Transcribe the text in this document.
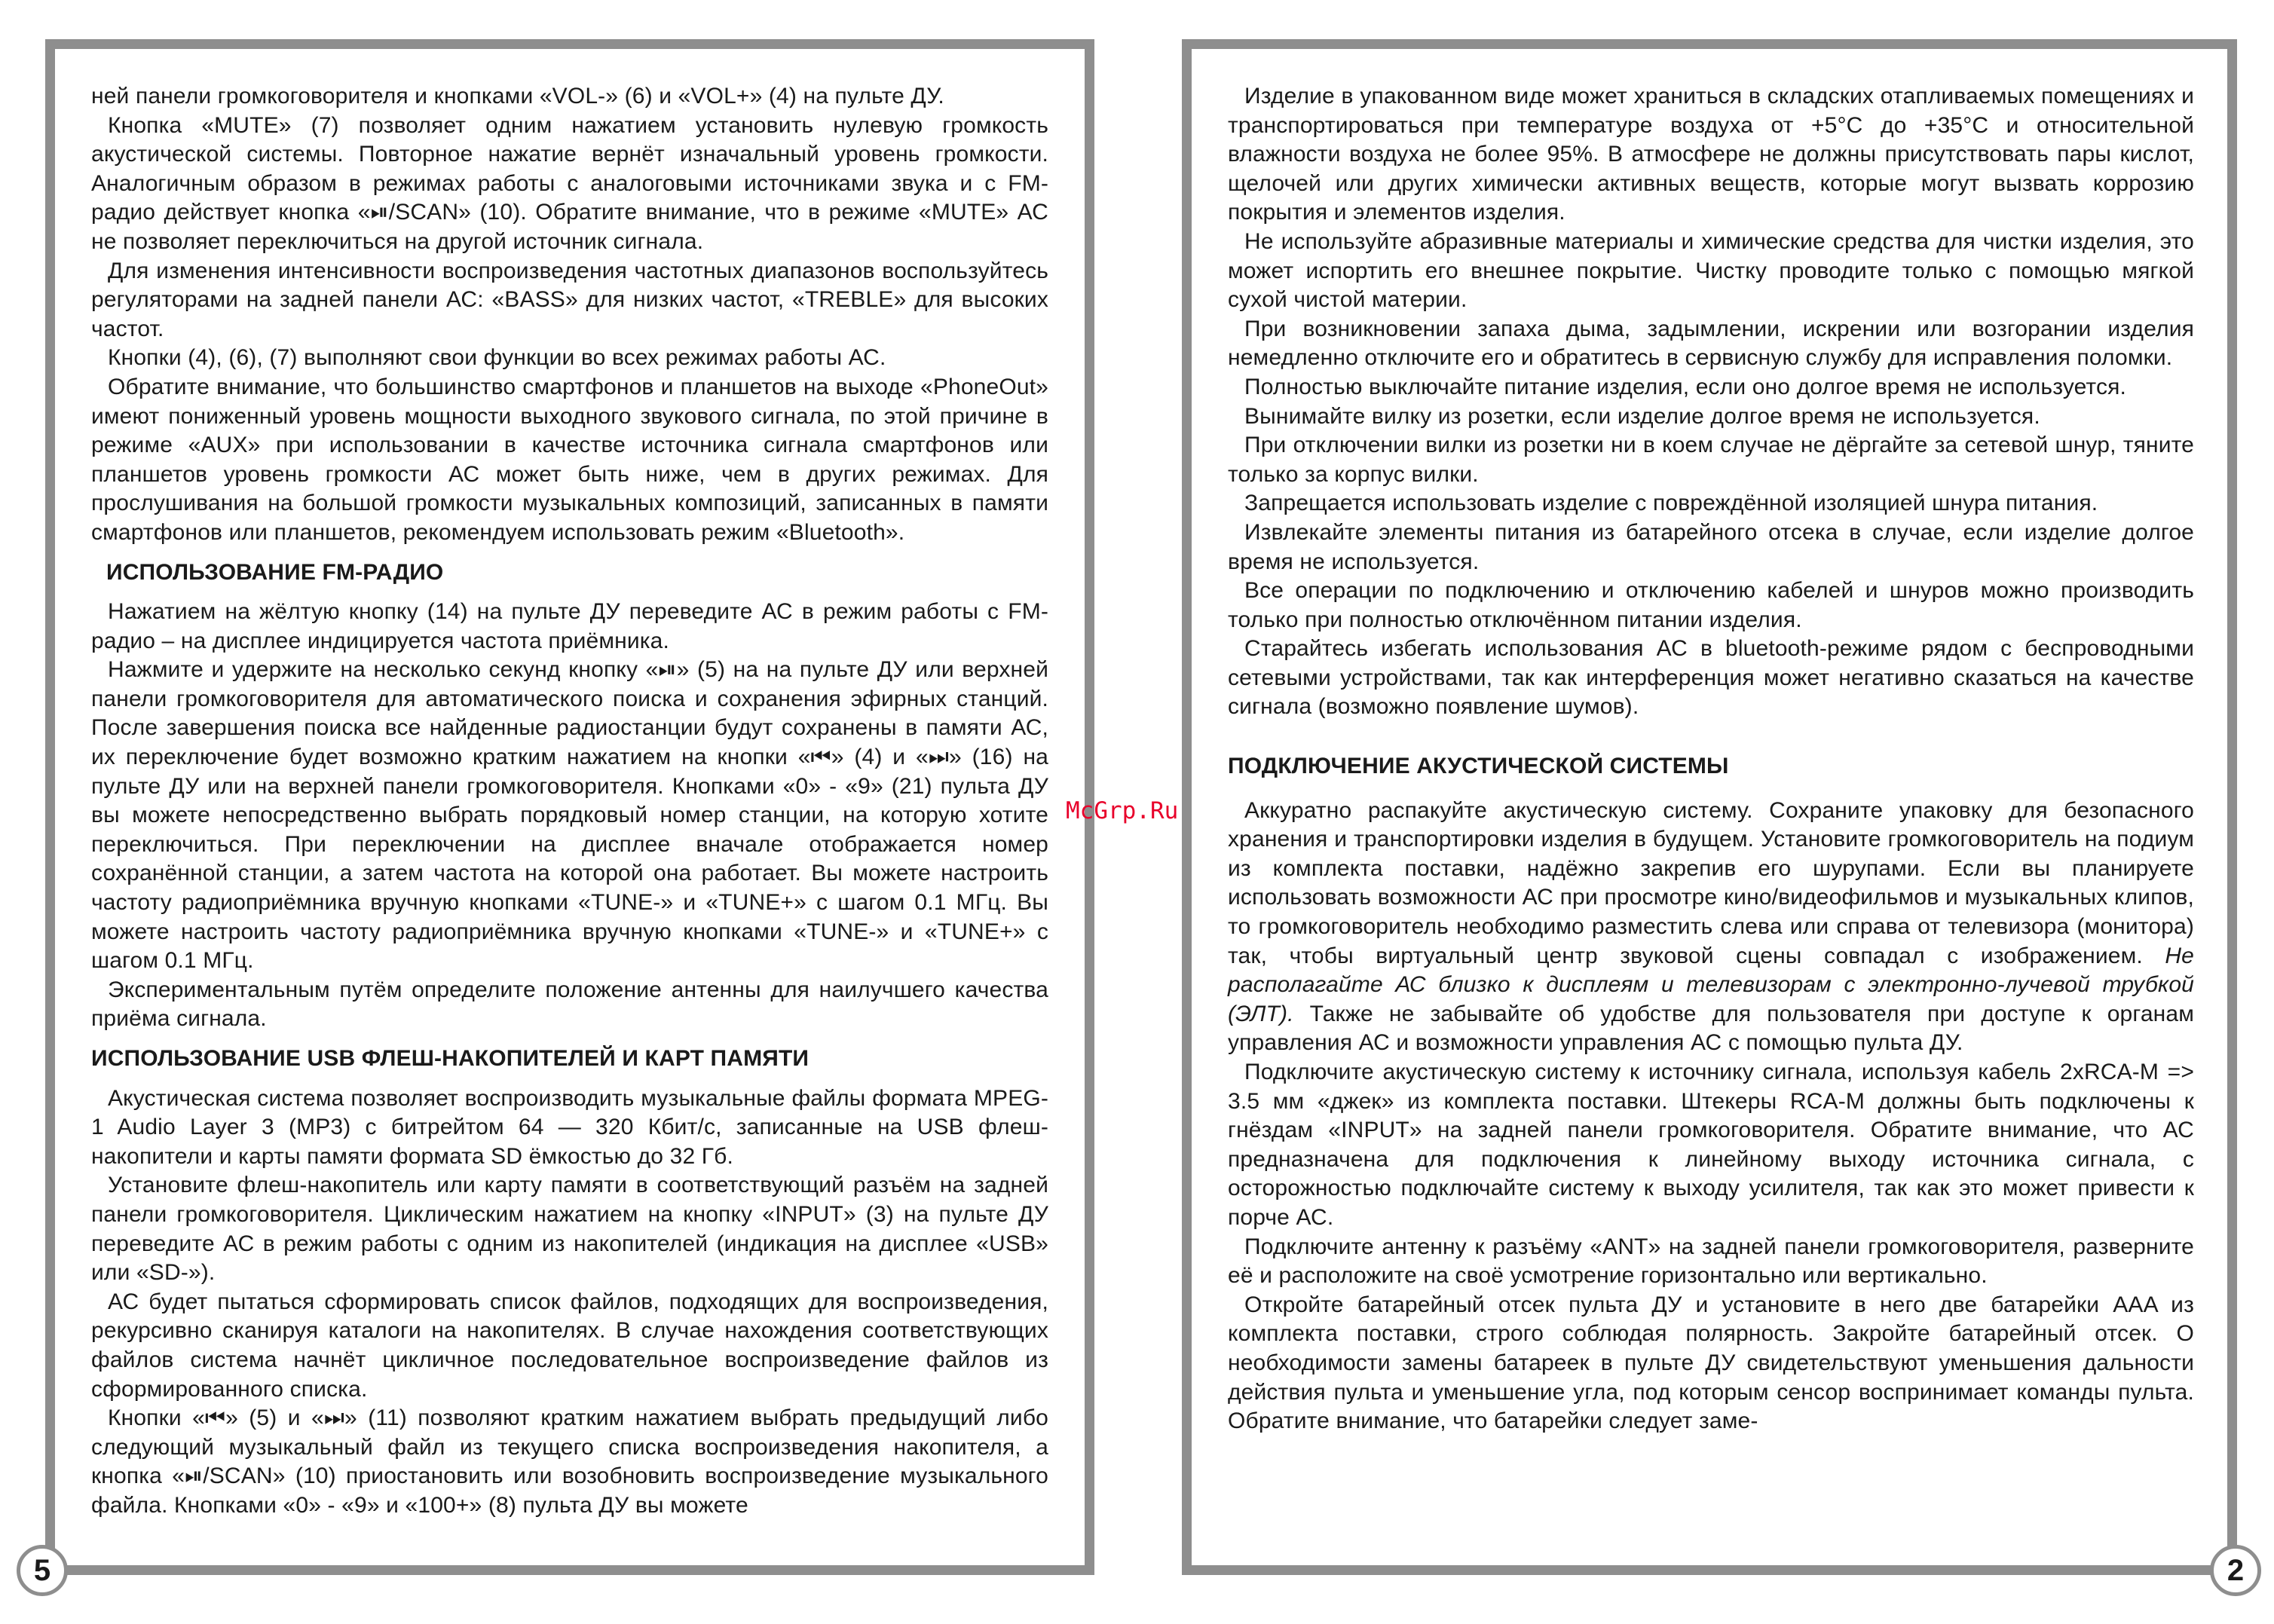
ней панели громкоговорителя и кнопками «VOL-» (6) и «VOL+» (4) на пульте ДУ.

Кнопка «MUTE» (7) позволяет одним нажатием установить нулевую громкость акустической системы. Повторное нажатие вернёт изначальный уровень громкости. Аналогичным образом в режимах работы с аналоговыми источниками звука и с FM-радио действует кнопка «⏯/SCAN» (10). Обратите внимание, что в режиме «MUTE» АС не позволяет переключиться на другой источник сигнала.

Для изменения интенсивности воспроизведения частотных диапазонов воспользуйтесь регуляторами на задней панели АС: «BASS» для низких частот, «TREBLE» для высоких частот.

Кнопки (4), (6), (7) выполняют свои функции во всех режимах работы АС.

Обратите внимание, что большинство смартфонов и планшетов на выходе «PhoneOut» имеют пониженный уровень мощности выходного звукового сигнала, по этой причине в режиме «AUX» при использовании в качестве источника сигнала смартфонов или планшетов уровень громкости АС может быть ниже, чем в других режимах. Для прослушивания на большой громкости музыкальных композиций, записанных в памяти смартфонов или планшетов, рекомендуем использовать режим «Bluetooth».

ИСПОЛЬЗОВАНИЕ FM-РАДИО

Нажатием на жёлтую кнопку (14) на пульте ДУ переведите АС в режим работы с FM-радио – на дисплее индицируется частота приёмника.

Нажмите и удержите на несколько секунд кнопку «⏯» (5) на на пульте ДУ или верхней панели громкоговорителя для автоматического поиска и сохранения эфирных станций. После завершения поиска все найденные радиостанции будут сохранены в памяти АС, их переключение будет возможно кратким нажатием на кнопки «⏮» (4) и «⏭» (16) на пульте ДУ или на верхней панели громкоговорителя. Кнопками «0» - «9» (21) пульта ДУ вы можете непосредственно выбрать порядковый номер станции, на которую хотите переключиться. При переключении на дисплее вначале отображается номер сохранённой станции, а затем частота на которой она работает. Вы можете настроить частоту радиоприёмника вручную кнопками «TUNE-» и «TUNE+» с шагом 0.1 МГц. Вы можете настроить частоту радиоприёмника вручную кнопками «TUNE-» и «TUNE+» с шагом 0.1 МГц.

Экспериментальным путём определите положение антенны для наилучшего качества приёма сигнала.

ИСПОЛЬЗОВАНИЕ USB ФЛЕШ-НАКОПИТЕЛЕЙ И КАРТ ПАМЯТИ

Акустическая система позволяет воспроизводить музыкальные файлы формата MPEG-1 Audio Layer 3 (MP3) с битрейтом 64 — 320 Кбит/с, записанные на USB флеш-накопители и карты памяти формата SD ёмкостью до 32 Гб.

Установите флеш-накопитель или карту памяти в соответствующий разъём на задней панели громкоговорителя. Циклическим нажатием на кнопку «INPUT» (3) на пульте ДУ переведите АС в режим работы с одним из накопителей (индикация на дисплее «USB» или «SD-»).

АС будет пытаться сформировать список файлов, подходящих для воспроизведения, рекурсивно сканируя каталоги на накопителях. В случае нахождения соответствующих файлов система начнёт цикличное последовательное воспроизведение файлов из сформированного списка.

Кнопки «⏮» (5) и «⏭» (11) позволяют кратким нажатием выбрать предыдущий либо следующий музыкальный файл из текущего списка воспроизведения накопителя, а кнопка «⏯/SCAN» (10) приостановить или возобновить воспроизведение музыкального файла. Кнопками «0» - «9» и «100+» (8) пульта ДУ вы можете

Изделие в упакованном виде может храниться в складских отапливаемых помещениях и транспортироваться при температуре воздуха от +5°C до +35°C и относительной влажности воздуха не более 95%. В атмосфере не должны присутствовать пары кислот, щелочей или других химически активных веществ, которые могут вызвать коррозию покрытия и элементов изделия.

Не используйте абразивные материалы и химические средства для чистки изделия, это может испортить его внешнее покрытие. Чистку проводите только с помощью мягкой сухой чистой материи.

При возникновении запаха дыма, задымлении, искрении или возгорании изделия немедленно отключите его и обратитесь в сервисную службу для исправления поломки.

Полностью выключайте питание изделия, если оно долгое время не используется.

Вынимайте вилку из розетки, если изделие долгое время не используется.

При отключении вилки из розетки ни в коем случае не дёргайте за сетевой шнур, тяните только за корпус вилки.

Запрещается использовать изделие с повреждённой изоляцией шнура питания.

Извлекайте элементы питания из батарейного отсека в случае, если изделие долгое время не используется.

Все операции по подключению и отключению кабелей и шнуров можно производить только при полностью отключённом питании изделия.

Старайтесь избегать использования АС в bluetooth-режиме рядом с беспроводными сетевыми устройствами, так как интерференция может негативно сказаться на качестве сигнала (возможно появление шумов).

ПОДКЛЮЧЕНИЕ АКУСТИЧЕСКОЙ СИСТЕМЫ

Аккуратно распакуйте акустическую систему. Сохраните упаковку для безопасного хранения и транспортировки изделия в будущем. Установите громкоговоритель на подиум из комплекта поставки, надёжно закрепив его шурупами. Если вы планируете использовать возможности АС при просмотре кино/видеофильмов и музыкальных клипов, то громкоговоритель необходимо разместить слева или справа от телевизора (монитора) так, чтобы виртуальный центр звуковой сцены совпадал с изображением. Не располагайте АС близко к дисплеям и телевизорам с электронно-лучевой трубкой (ЭЛТ). Также не забывайте об удобстве для пользователя при доступе к органам управления АС и возможности управления АС с помощью пульта ДУ.

Подключите акустическую систему к источнику сигнала, используя кабель 2xRCA-M => 3.5 мм «джек» из комплекта поставки. Штекеры RCA-M должны быть подключены к гнёздам «INPUT» на задней панели громкоговорителя. Обратите внимание, что АС предназначена для подключения к линейному выходу источника сигнала, с осторожностью подключайте систему к выходу усилителя, так как это может привести к порче АС.

Подключите антенну к разъёму «ANT» на задней панели громкоговорителя, разверните её и расположите на своё усмотрение горизонтально или вертикально.

Откройте батарейный отсек пульта ДУ и установите в него две батарейки AAA из комплекта поставки, строго соблюдая полярность. Закройте батарейный отсек. О необходимости замены батареек в пульте ДУ свидетельствуют уменьшения дальности действия пульта и уменьшение угла, под которым сенсор воспринимает команды пульта. Обратите внимание, что батарейки следует заме-

5	2
McGrp.Ru
